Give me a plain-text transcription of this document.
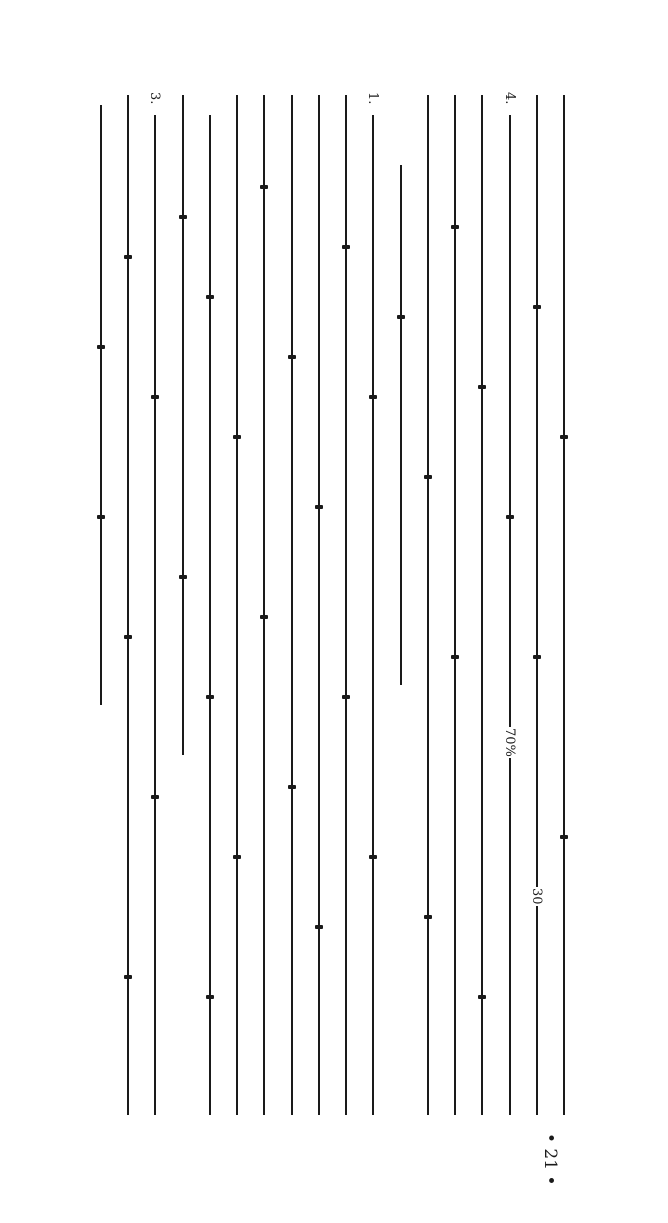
3.	1.	4.
70%
30
• 21 •
